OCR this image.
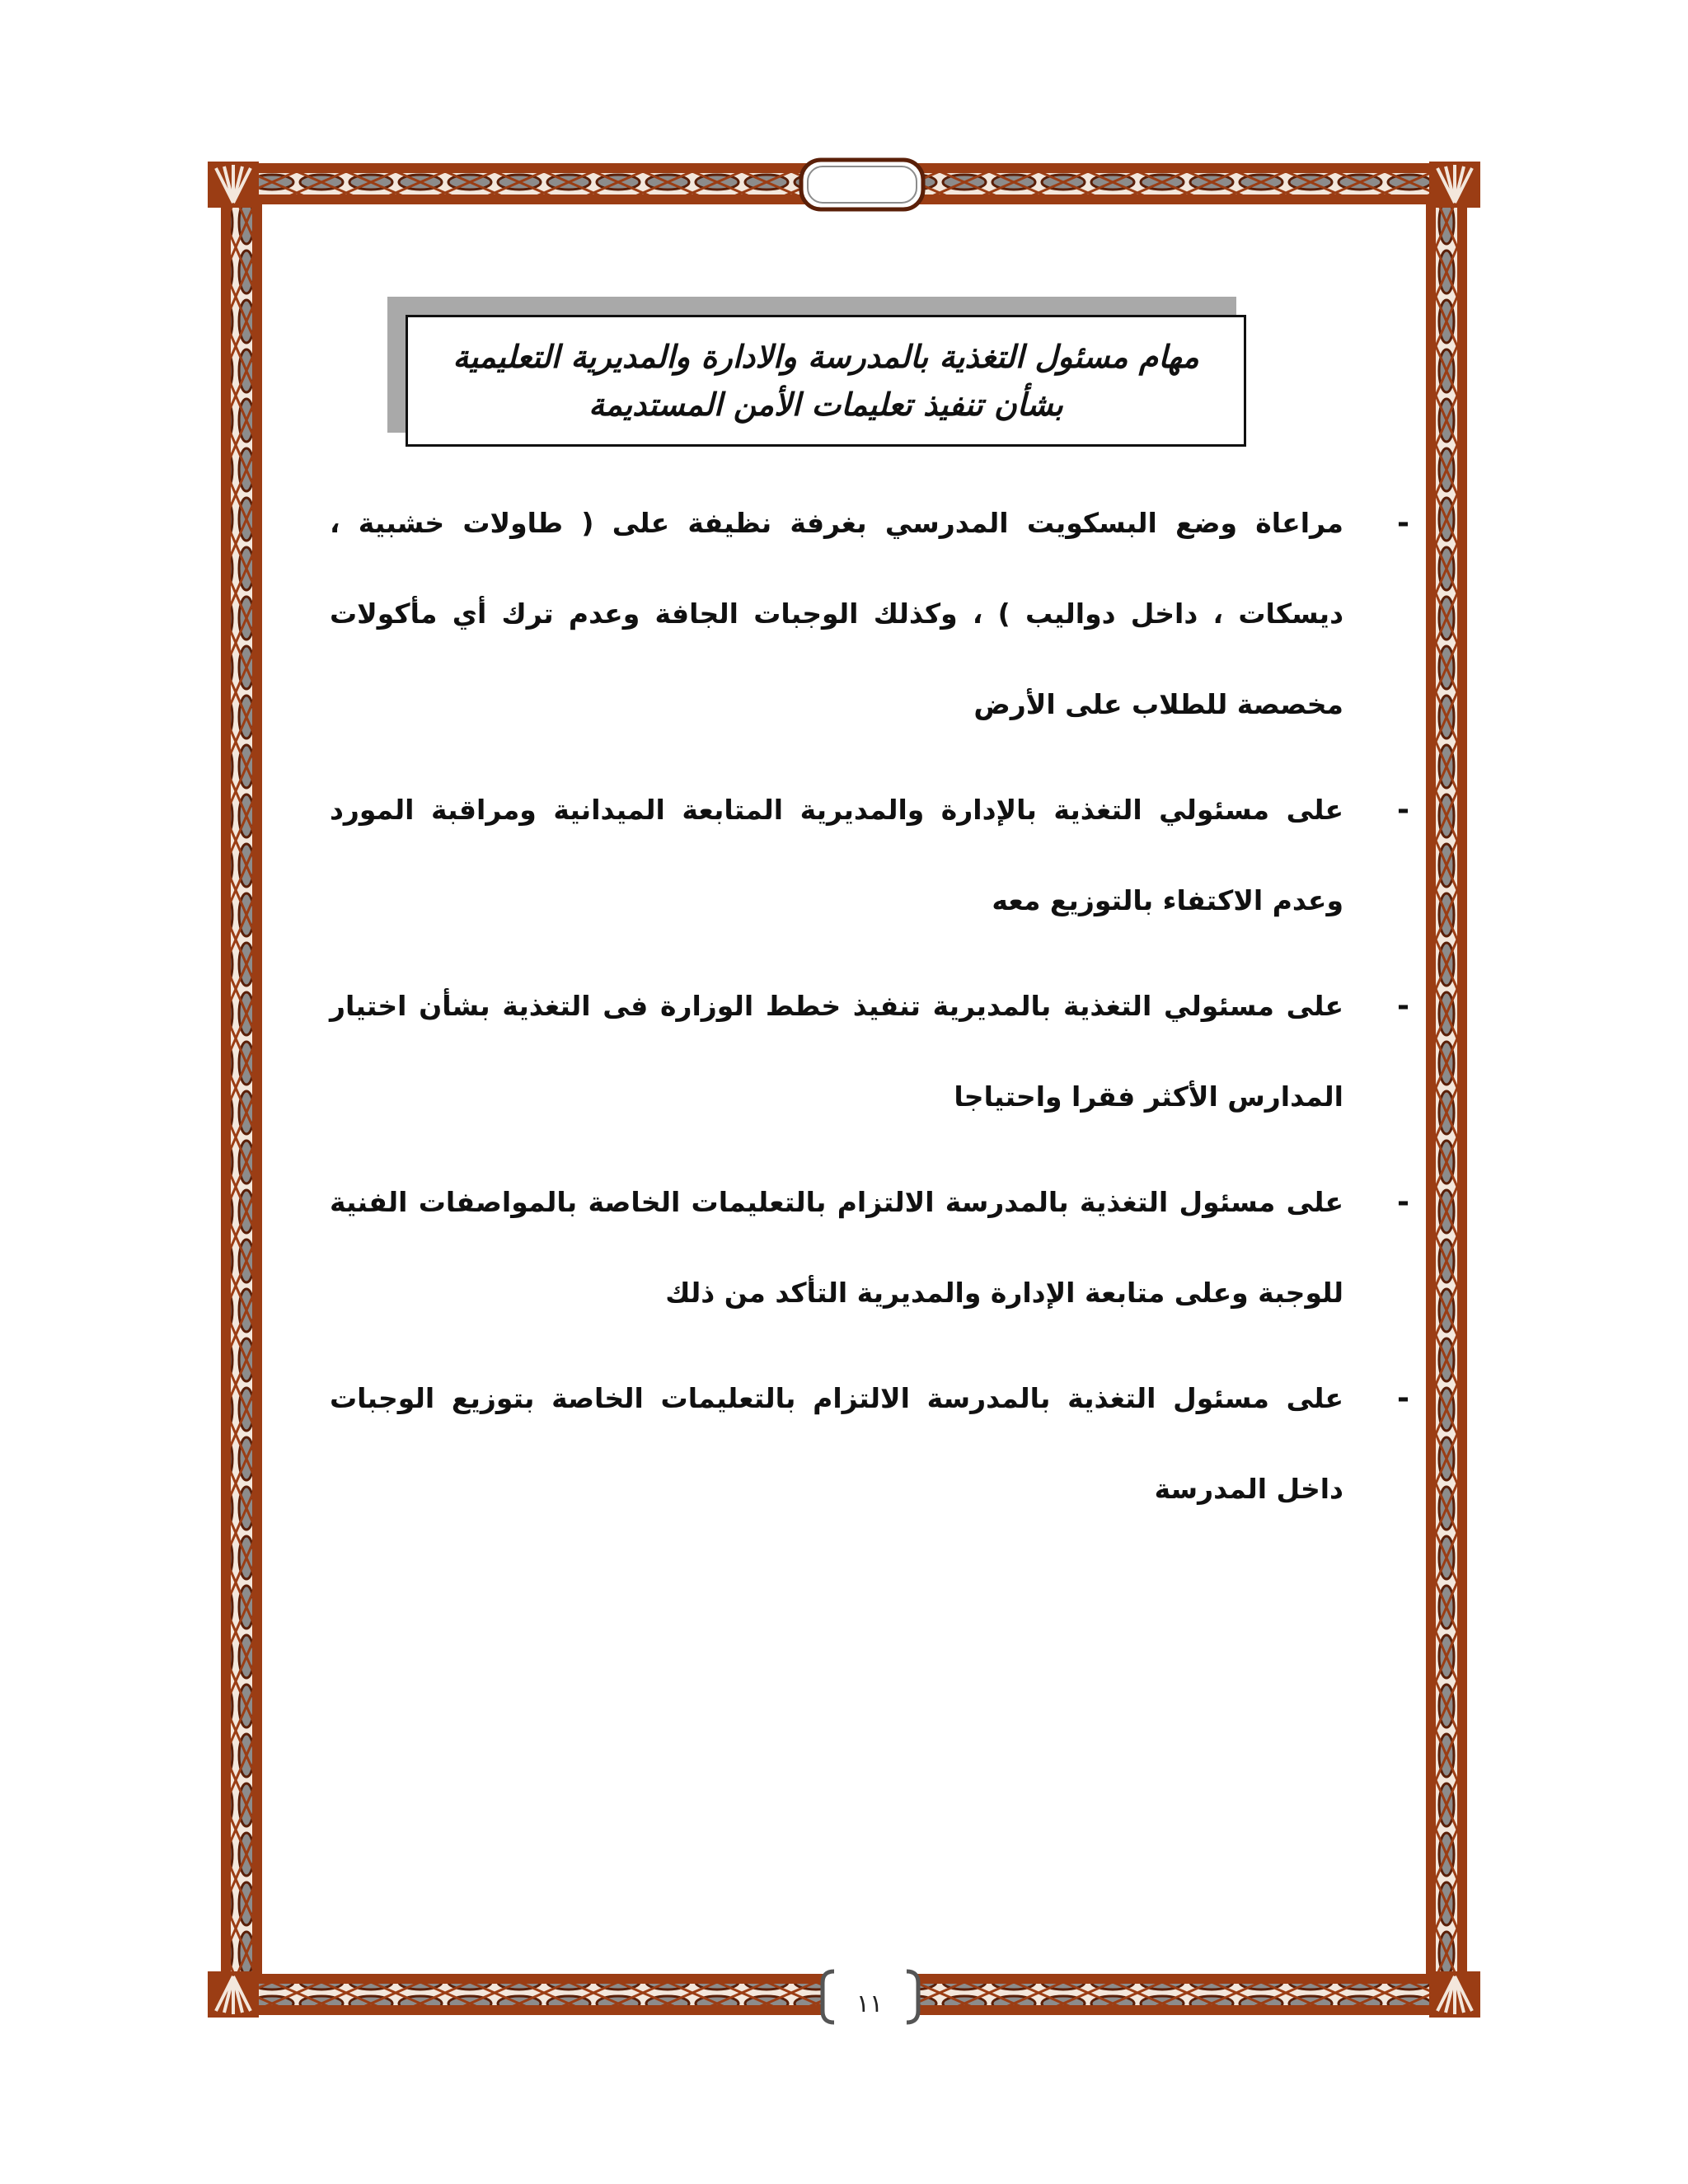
مهام مسئول التغذية بالمدرسة والادارة والمديرية التعليمية
بشأن تنفيذ تعليمات الأمن المستديمة
-
مراعاة وضع البسكويت المدرسي بغرفة نظيفة على ( طاولات خشبية ، ديسكات ، داخل دواليب ) ، وكذلك الوجبات الجافة وعدم ترك أي مأكولات مخصصة للطلاب على الأرض
-
على مسئولي التغذية بالإدارة والمديرية المتابعة الميدانية ومراقبة المورد وعدم الاكتفاء بالتوزيع معه
-
على مسئولي التغذية بالمديرية تنفيذ خطط الوزارة فى التغذية بشأن اختيار المدارس الأكثر فقرا واحتياجا
-
على مسئول التغذية بالمدرسة الالتزام بالتعليمات الخاصة بالمواصفات الفنية للوجبة وعلى متابعة الإدارة والمديرية التأكد من ذلك
-
على مسئول التغذية بالمدرسة الالتزام بالتعليمات الخاصة بتوزيع الوجبات داخل المدرسة
١١
